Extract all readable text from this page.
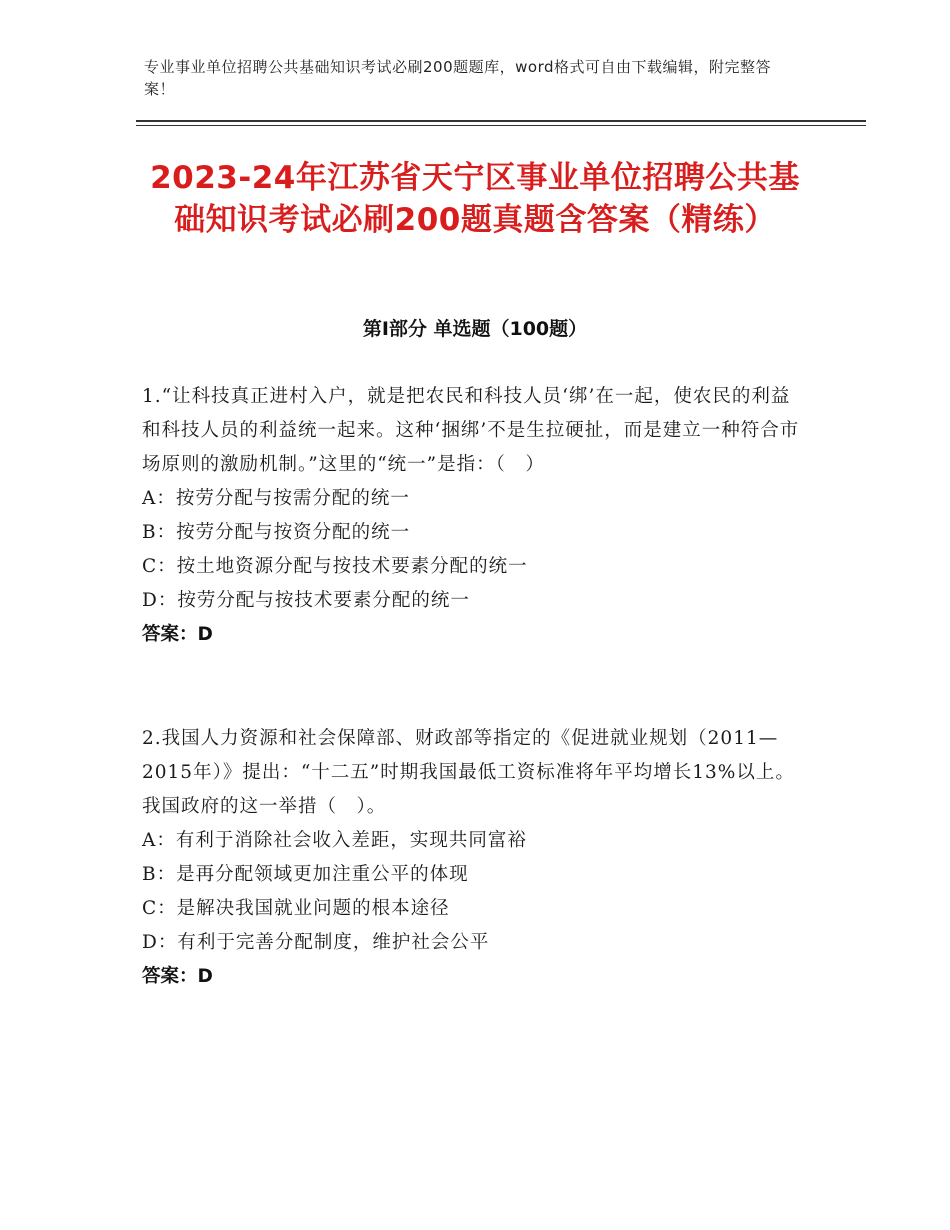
专业事业单位招聘公共基础知识考试必刷200题题库，word格式可自由下载编辑，附完整答案！
2023-24年江苏省天宁区事业单位招聘公共基础知识考试必刷200题真题含答案（精练）
第Ⅰ部分 单选题（100题）

1.“让科技真正进村入户，就是把农民和科技人员‘绑’在一起，使农民的利益和科技人员的利益统一起来。这种‘捆绑’不是生拉硬扯，而是建立一种符合市场原则的激励机制。”这里的“统一”是指：（　）

A：按劳分配与按需分配的统一

B：按劳分配与按资分配的统一

C：按土地资源分配与按技术要素分配的统一

D：按劳分配与按技术要素分配的统一

答案：D

2.我国人力资源和社会保障部、财政部等指定的《促进就业规划（2011—2015年）》提出：“十二五”时期我国最低工资标准将年平均增长13%以上。我国政府的这一举措（　）。

A：有利于消除社会收入差距，实现共同富裕

B：是再分配领域更加注重公平的体现

C：是解决我国就业问题的根本途径

D：有利于完善分配制度，维护社会公平

答案：D
